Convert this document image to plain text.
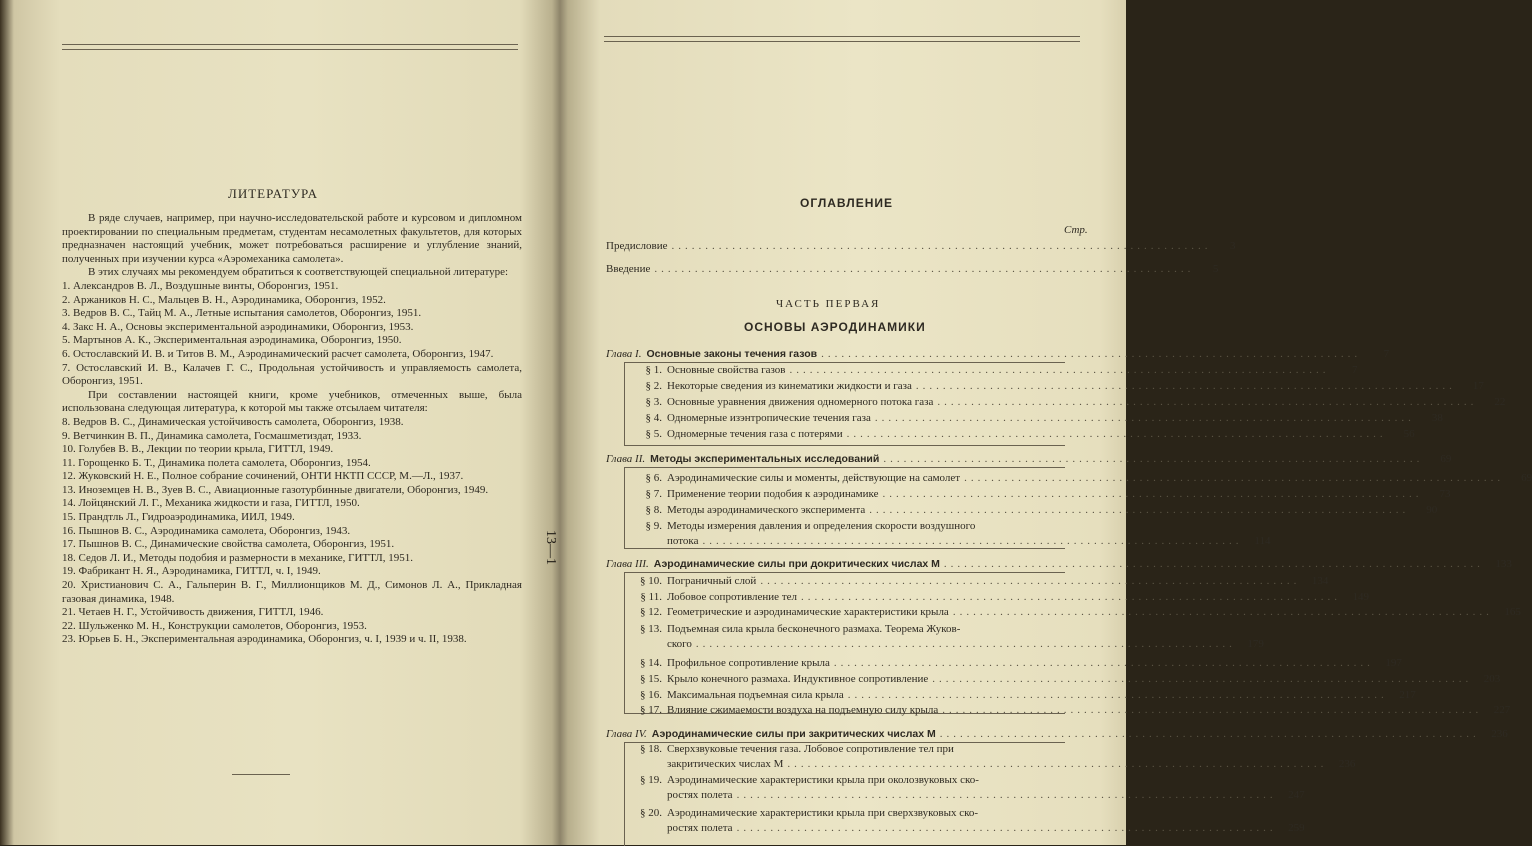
ЛИТЕРАТУРА

В ряде случаев, например, при научно-исследовательской работе и курсовом и дипломном проектировании по специальным предметам, студентам несамолетных факультетов, для которых предназначен настоящий учебник, может потребоваться расширение и углубление знаний, полученных при изучении курса «Аэромеханика самолета».

В этих случаях мы рекомендуем обратиться к соответствующей специальной литературе:

1. Александров В. Л., Воздушные винты, Оборонгиз, 1951.
2. Аржаников Н. С., Мальцев В. Н., Аэродинамика, Оборонгиз, 1952.
3. Ведров В. С., Тайц М. А., Летные испытания самолетов, Оборонгиз, 1951.
4. Закс Н. А., Основы экспериментальной аэродинамики, Оборонгиз, 1953.
5. Мартынов А. К., Экспериментальная аэродинамика, Оборонгиз, 1950.
6. Остославский И. В. и Титов В. М., Аэродинамический расчет самолета, Оборонгиз, 1947.
7. Остославский И. В., Калачев Г. С., Продольная устойчивость и управляемость самолета, Оборонгиз, 1951.

При составлении настоящей книги, кроме учебников, отмеченных выше, была использована следующая литература, к которой мы также отсылаем читателя:

8. Ведров В. С., Динамическая устойчивость самолета, Оборонгиз, 1938.
9. Ветчинкин В. П., Динамика самолета, Госмашметиздат, 1933.
10. Голубев В. В., Лекции по теории крыла, ГИТТЛ, 1949.
11. Горощенко Б. Т., Динамика полета самолета, Оборонгиз, 1954.
12. Жуковский Н. Е., Полное собрание сочинений, ОНТИ НКТП СССР, М.—Л., 1937.
13. Иноземцев Н. В., Зуев В. С., Авиационные газотурбинные двигатели, Оборонгиз, 1949.
14. Лойцянский Л. Г., Механика жидкости и газа, ГИТТЛ, 1950.
15. Прандтль Л., Гидроаэродинамика, ИИЛ, 1949.
16. Пышнов В. С., Аэродинамика самолета, Оборонгиз, 1943.
17. Пышнов В. С., Динамические свойства самолета, Оборонгиз, 1951.
18. Седов Л. И., Методы подобия и размерности в механике, ГИТТЛ, 1951.
19. Фабрикант Н. Я., Аэродинамика, ГИТТЛ, ч. I, 1949.
20. Христианович С. А., Гальперин В. Г., Миллионщиков М. Д., Симонов Л. А., Прикладная газовая динамика, 1948.
21. Четаев Н. Г., Устойчивость движения, ГИТТЛ, 1946.
22. Шульженко М. Н., Конструкции самолетов, Оборонгиз, 1953.
23. Юрьев Б. Н., Экспериментальная аэродинамика, Оборонгиз, ч. I, 1939 и ч. II, 1938.
13—1
ОГЛАВЛЕНИЕ
Стр.
Предисловие ................................................................................	3
Введение ................................................................................	5
ЧАСТЬ ПЕРВАЯ
ОСНОВЫ АЭРОДИНАМИКИ
Глава I. Основные законы течения газов ................................................................................	7
§ 1. Основные свойства газов ................................................................................	7
§ 2. Некоторые сведения из кинематики жидкости и газа ................................................................................	17
§ 3. Основные уравнения движения одномерного потока газа ................................................................................	22
§ 4. Одномерные изэнтропические течения газа ................................................................................	38
§ 5. Одномерные течения газа с потерями ................................................................................	56
Глава II. Методы экспериментальных исследований ................................................................................	69
§ 6. Аэродинамические силы и моменты, действующие на самолет ................................................................................	69
§ 7. Применение теории подобия к аэродинамике ................................................................................	73
§ 8. Методы аэродинамического эксперимента ................................................................................	90
§ 9. Методы измерения давления и определения скорости воздушного
потока ................................................................................	114
Глава III. Аэродинамические силы при докритических числах М ................................................................................	133
§ 10. Пограничный слой ................................................................................	134
§ 11. Лобовое сопротивление тел ................................................................................	149
§ 12. Геометрические и аэродинамические характеристики крыла ................................................................................	165
§ 13. Подъемная сила крыла бесконечного размаха. Теорема Жуков-
ского ................................................................................	179
§ 14. Профильное сопротивление крыла ................................................................................	197
§ 15. Крыло конечного размаха. Индуктивное сопротивление ................................................................................	203
§ 16. Максимальная подъемная сила крыла ................................................................................	217
§ 17. Влияние сжимаемости воздуха на подъемную силу крыла ................................................................................	227
Глава IV. Аэродинамические силы при закритических числах М ................................................................................	236
§ 18. Сверхзвуковые течения газа. Лобовое сопротивление тел при
закритических числах М ................................................................................	236
§ 19. Аэродинамические характеристики крыла при околозвуковых ско-
ростях полета ................................................................................	247
§ 20. Аэродинамические характеристики крыла при сверхзвуковых ско-
ростях полета ................................................................................	259
